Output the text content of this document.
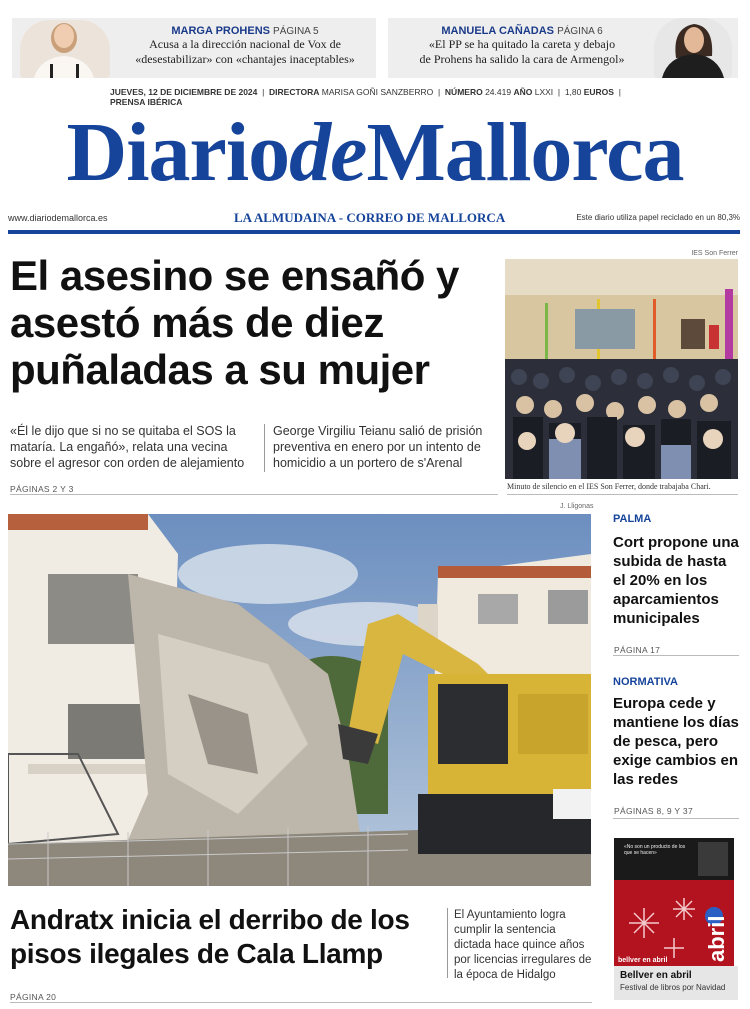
MARGA PROHENS PÁGINA 5
Acusa a la dirección nacional de Vox de
«desestabilizar» con «chantajes inaceptables»
MANUELA CAÑADAS PÁGINA 6
«El PP se ha quitado la careta y debajo
de Prohens ha salido la cara de Armengol»
JUEVES, 12 DE DICIEMBRE DE 2024  |  DIRECTORA MARISA GOÑI SANZBERRO  |  NÚMERO 24.419 AÑO LXXI  |  1,80 EUROS  |  PRENSA IBÉRICA
DiariodeMallorca
www.diariodemallorca.es	LA ALMUDAINA - CORREO DE MALLORCA	Este diario utiliza papel reciclado en un 80,3%
El asesino se ensañó y asestó más de diez puñaladas a su mujer
«Él le dijo que si no se quitaba el SOS la mataría. La engañó», relata una vecina sobre el agresor con orden de alejamiento
George Virgiliu Teianu salió de prisión preventiva en enero por un intento de homicidio a un portero de s'Arenal
PÁGINAS 2 Y 3
IES Son Ferrer
Minuto de silencio en el IES Son Ferrer, donde trabajaba Chari.
J. Lligonas
Andratx inicia el derribo de los pisos ilegales de Cala Llamp
El Ayuntamiento logra cumplir la sentencia dictada hace quince años por licencias irregulares de la época de Hidalgo
PÁGINA 20
PALMA
Cort propone una subida de hasta el 20% en los aparcamientos municipales
PÁGINA 17
NORMATIVA
Europa cede y mantiene los días de pesca, pero exige cambios en las redes
PÁGINAS 8, 9 Y 37
abril
«No son un producto de los que se hacen»
bellver en abril
Bellver en abril
Festival de libros por Navidad
